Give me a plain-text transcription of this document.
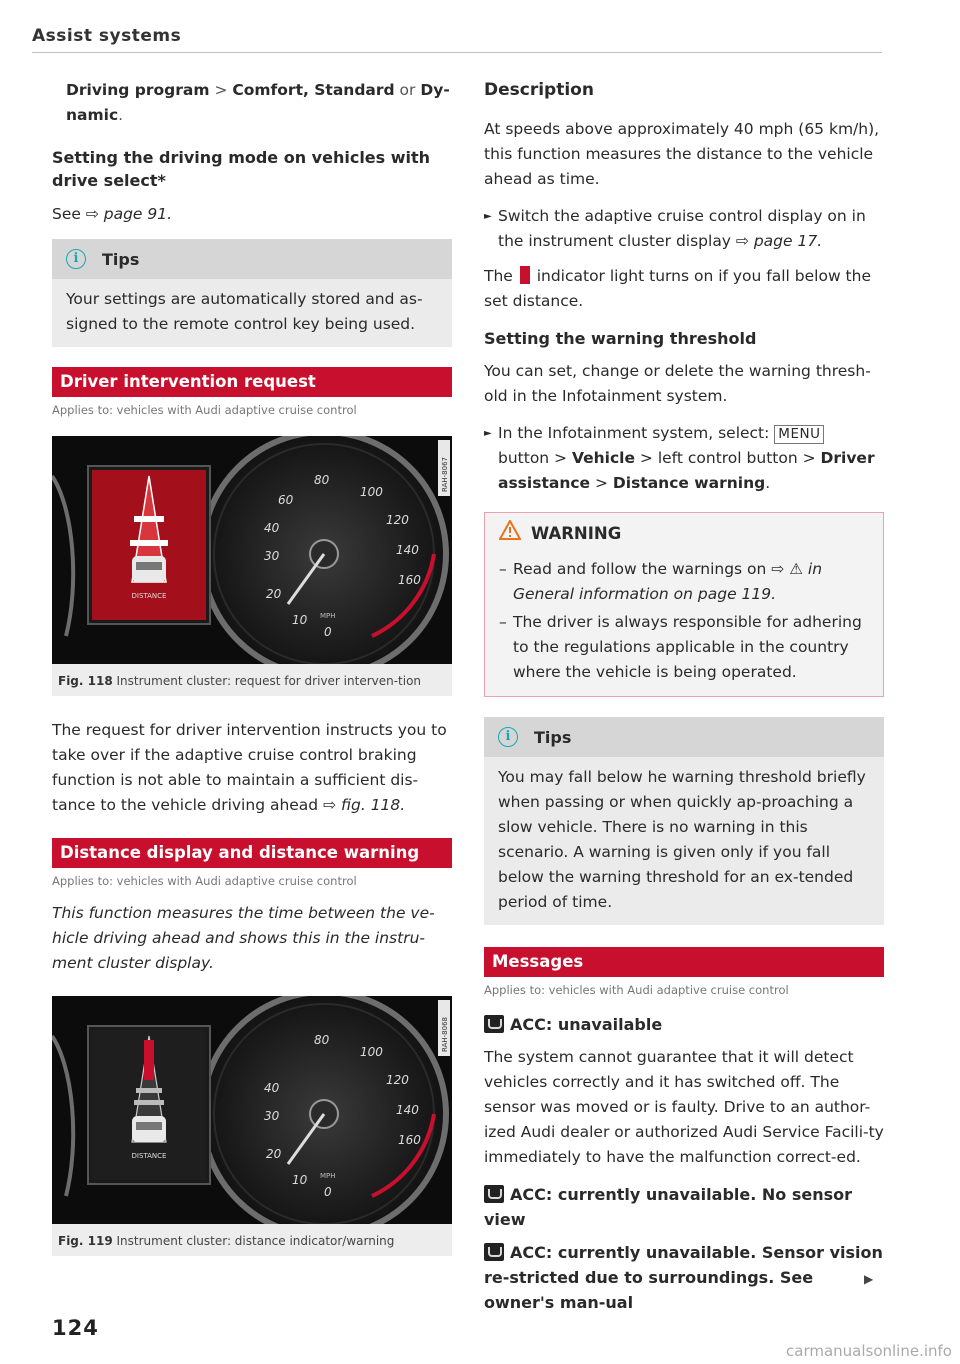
Assist systems

Driving program > Comfort, Standard or Dy-namic.

Setting the driving mode on vehicles with drive select*

See ⇨ page 91.

i	Tips

Your settings are automatically stored and as-signed to the remote control key being used.

Driver intervention request
Applies to: vehicles with Audi adaptive cruise control
80
100
120
140
160
60
40
30
20
10
0
MPH
DISTANCE
RAH-8067
Fig. 118 Instrument cluster: request for driver interven-tion

The request for driver intervention instructs you to take over if the adaptive cruise control braking function is not able to maintain a sufficient dis-tance to the vehicle driving ahead ⇨ fig. 118.

Distance display and distance warning
Applies to: vehicles with Audi adaptive cruise control

This function measures the time between the ve-hicle driving ahead and shows this in the instru-ment cluster display.

80
100
120
140
160
40
30
20
10
0
MPH
DISTANCE
RAH-8068
Fig. 119 Instrument cluster: distance indicator/warning
124
Description

At speeds above approximately 40 mph (65 km/h), this function measures the distance to the vehicle ahead as time.

► Switch the adaptive cruise control display on in the instrument cluster display ⇨ page 17.

The  indicator light turns on if you fall below the set distance.

Setting the warning threshold

You can set, change or delete the warning thresh-old in the Infotainment system.

► In the Infotainment system, select: MENU
button > Vehicle > left control button > Driver assistance > Distance warning.
WARNING
– Read and follow the warnings on ⇨ ⚠ in General information on page 119.
– The driver is always responsible for adhering to the regulations applicable in the country where the vehicle is being operated.
i	Tips

You may fall below he warning threshold briefly when passing or when quickly ap-proaching a slow vehicle. There is no warning in this scenario. A warning is given only if you fall below the warning threshold for an ex-tended period of time.

Messages
Applies to: vehicles with Audi adaptive cruise control
ACC: unavailable

The system cannot guarantee that it will detect vehicles correctly and it has switched off. The sensor was moved or is faulty. Drive to an author-ized Audi dealer or authorized Audi Service Facili-ty immediately to have the malfunction correct-ed.

ACC: currently unavailable. No sensor view
ACC: currently unavailable. Sensor vision re-stricted due to surroundings. See owner's man-ual
▶
carmanualsonline.info
